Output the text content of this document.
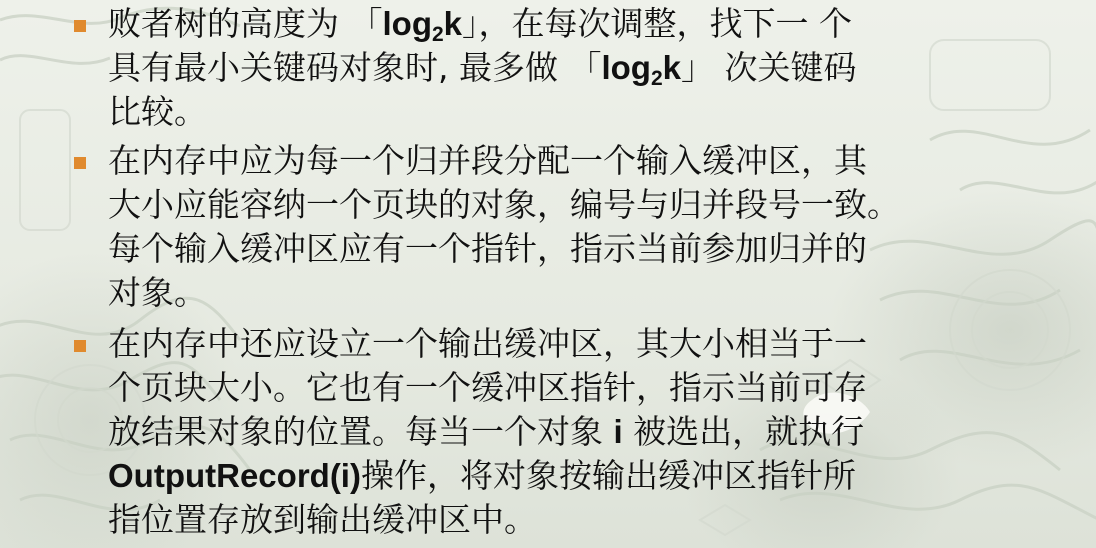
败者树的高度为 「$\log_2k$」，在每次调整，找下一 个
具有最小关键码对象时, 最多做 「$\log_2k$」 次关键码
比较。

在内存中应为每一个归并段分配一个输入缓冲区，其
大小应能容纳一个页块的对象，编号与归并段号一致。
每个输入缓冲区应有一个指针，指示当前参加归并的
对象。

在内存中还应设立一个输出缓冲区，其大小相当于一
个页块大小。它也有一个缓冲区指针，指示当前可存
放结果对象的位置。每当一个对象 i 被选出，就执行
OutputRecord(i)操作，将对象按输出缓冲区指针所
指位置存放到输出缓冲区中。
